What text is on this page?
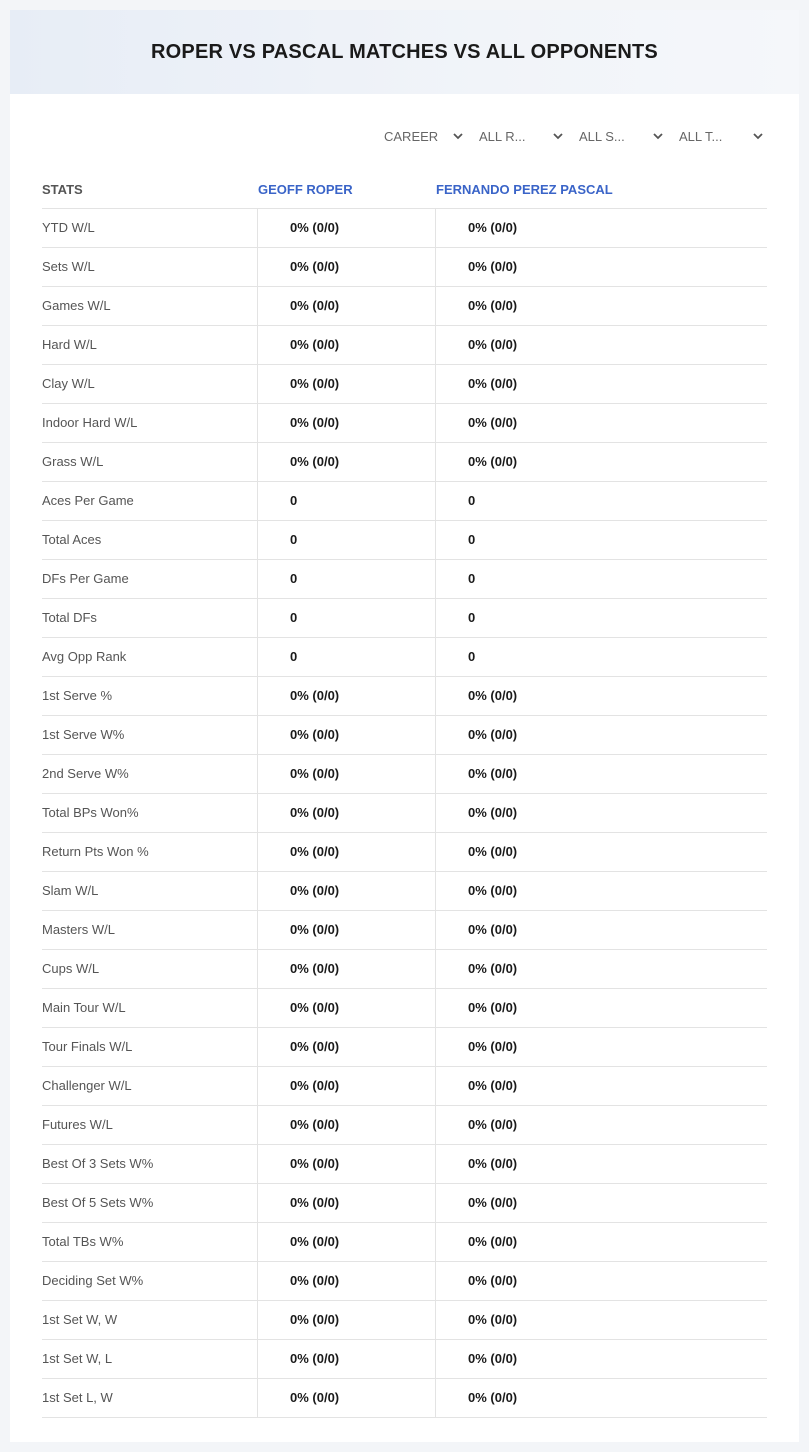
ROPER VS PASCAL MATCHES VS ALL OPPONENTS
CAREER	ALL R...	ALL S...	ALL T...
STATS	GEOFF ROPER	FERNANDO PEREZ PASCAL
YTD W/L	0% (0/0)	0% (0/0)
Sets W/L	0% (0/0)	0% (0/0)
Games W/L	0% (0/0)	0% (0/0)
Hard W/L	0% (0/0)	0% (0/0)
Clay W/L	0% (0/0)	0% (0/0)
Indoor Hard W/L	0% (0/0)	0% (0/0)
Grass W/L	0% (0/0)	0% (0/0)
Aces Per Game	0	0
Total Aces	0	0
DFs Per Game	0	0
Total DFs	0	0
Avg Opp Rank	0	0
1st Serve %	0% (0/0)	0% (0/0)
1st Serve W%	0% (0/0)	0% (0/0)
2nd Serve W%	0% (0/0)	0% (0/0)
Total BPs Won%	0% (0/0)	0% (0/0)
Return Pts Won %	0% (0/0)	0% (0/0)
Slam W/L	0% (0/0)	0% (0/0)
Masters W/L	0% (0/0)	0% (0/0)
Cups W/L	0% (0/0)	0% (0/0)
Main Tour W/L	0% (0/0)	0% (0/0)
Tour Finals W/L	0% (0/0)	0% (0/0)
Challenger W/L	0% (0/0)	0% (0/0)
Futures W/L	0% (0/0)	0% (0/0)
Best Of 3 Sets W%	0% (0/0)	0% (0/0)
Best Of 5 Sets W%	0% (0/0)	0% (0/0)
Total TBs W%	0% (0/0)	0% (0/0)
Deciding Set W%	0% (0/0)	0% (0/0)
1st Set W, W	0% (0/0)	0% (0/0)
1st Set W, L	0% (0/0)	0% (0/0)
1st Set L, W	0% (0/0)	0% (0/0)
